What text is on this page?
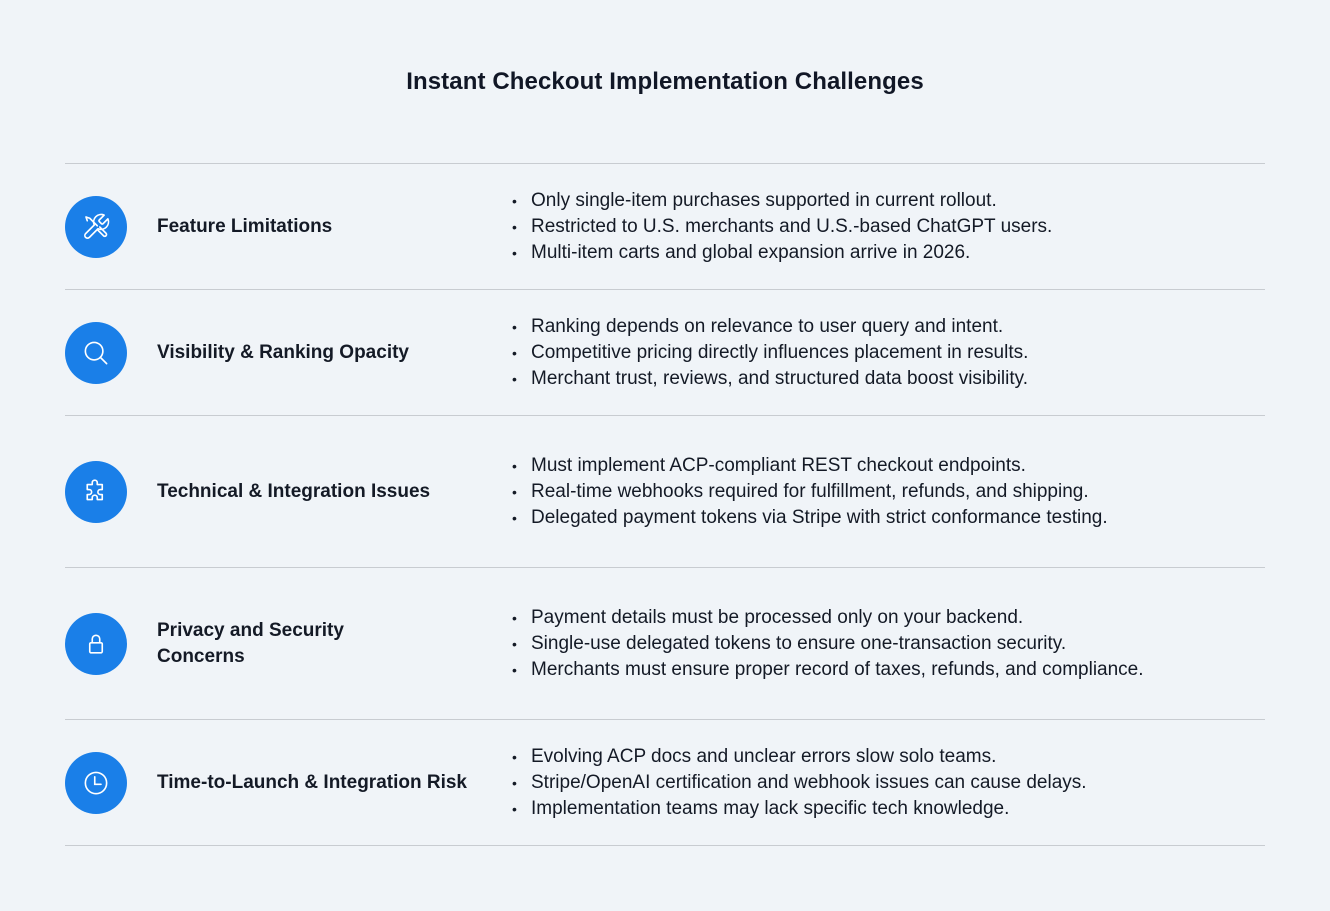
Instant Checkout Implementation Challenges
Feature Limitations
• Only single-item purchases supported in current rollout.
• Restricted to U.S. merchants and U.S.-based ChatGPT users.
• Multi-item carts and global expansion arrive in 2026.
Visibility & Ranking Opacity
• Ranking depends on relevance to user query and intent.
• Competitive pricing directly influences placement in results.
• Merchant trust, reviews, and structured data boost visibility.
Technical & Integration Issues
• Must implement ACP-compliant REST checkout endpoints.
• Real-time webhooks required for fulfillment, refunds, and shipping.
• Delegated payment tokens via Stripe with strict conformance testing.
Privacy and Security Concerns
• Payment details must be processed only on your backend.
• Single-use delegated tokens to ensure one-transaction security.
• Merchants must ensure proper record of taxes, refunds, and compliance.
Time-to-Launch & Integration Risk
• Evolving ACP docs and unclear errors slow solo teams.
• Stripe/OpenAI certification and webhook issues can cause delays.
• Implementation teams may lack specific tech knowledge.
